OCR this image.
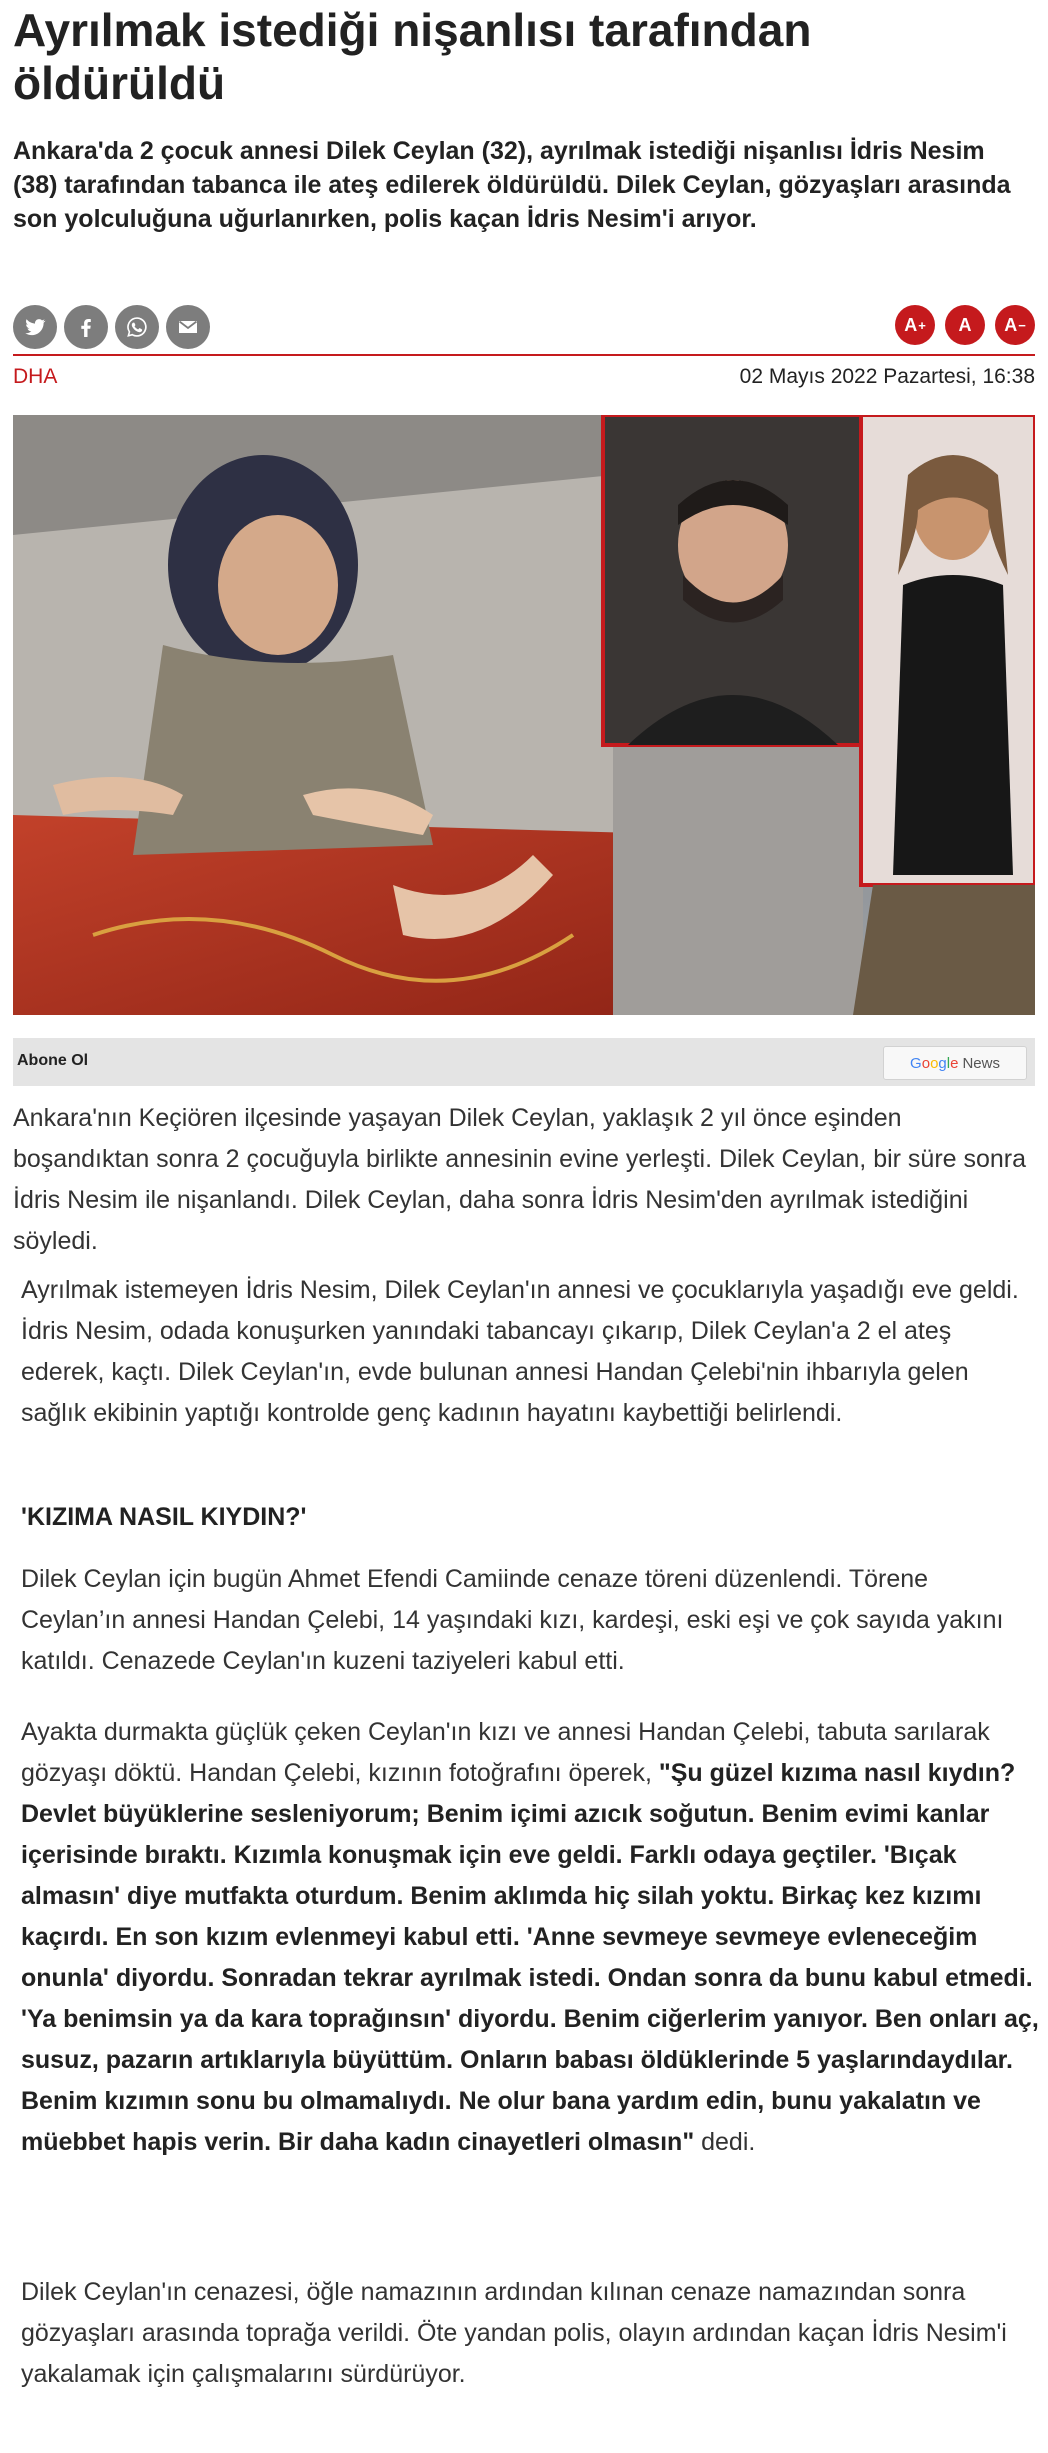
Ayrılmak istediği nişanlısı tarafından öldürüldü

Ankara'da 2 çocuk annesi Dilek Ceylan (32), ayrılmak istediği nişanlısı İdris Nesim (38) tarafından tabanca ile ateş edilerek öldürüldü. Dilek Ceylan, gözyaşları arasında son yolculuğuna uğurlanırken, polis kaçan İdris Nesim'i arıyor.

A + A A −
DHA	02 Mayıs 2022 Pazartesi, 16:38
Abone Ol	Google News

Ankara'nın Keçiören ilçesinde yaşayan Dilek Ceylan, yaklaşık 2 yıl önce eşinden boşandıktan sonra 2 çocuğuyla birlikte annesinin evine yerleşti. Dilek Ceylan, bir süre sonra İdris Nesim ile nişanlandı. Dilek Ceylan, daha sonra İdris Nesim'den ayrılmak istediğini söyledi.

Ayrılmak istemeyen İdris Nesim, Dilek Ceylan'ın annesi ve çocuklarıyla yaşadığı eve geldi. İdris Nesim, odada konuşurken yanındaki tabancayı çıkarıp, Dilek Ceylan'a 2 el ateş ederek, kaçtı. Dilek Ceylan'ın, evde bulunan annesi Handan Çelebi'nin ihbarıyla gelen sağlık ekibinin yaptığı kontrolde genç kadının hayatını kaybettiği belirlendi.

'KIZIMA NASIL KIYDIN?'

Dilek Ceylan için bugün Ahmet Efendi Camiinde cenaze töreni düzenlendi. Törene Ceylan’ın annesi Handan Çelebi, 14 yaşındaki kızı, kardeşi, eski eşi ve çok sayıda yakını katıldı. Cenazede Ceylan'ın kuzeni taziyeleri kabul etti.

Ayakta durmakta güçlük çeken Ceylan'ın kızı ve annesi Handan Çelebi, tabuta sarılarak gözyaşı döktü. Handan Çelebi, kızının fotoğrafını öperek, "Şu güzel kızıma nasıl kıydın? Devlet büyüklerine sesleniyorum; Benim içimi azıcık soğutun. Benim evimi kanlar içerisinde bıraktı. Kızımla konuşmak için eve geldi. Farklı odaya geçtiler. 'Bıçak almasın' diye mutfakta oturdum. Benim aklımda hiç silah yoktu. Birkaç kez kızımı kaçırdı. En son kızım evlenmeyi kabul etti. 'Anne sevmeye sevmeye evleneceğim onunla' diyordu. Sonradan tekrar ayrılmak istedi. Ondan sonra da bunu kabul etmedi. 'Ya benimsin ya da kara toprağınsın' diyordu. Benim ciğerlerim yanıyor. Ben onları aç, susuz, pazarın artıklarıyla büyüttüm. Onların babası öldüklerinde 5 yaşlarındaydılar. Benim kızımın sonu bu olmamalıydı. Ne olur bana yardım edin, bunu yakalatın ve müebbet hapis verin. Bir daha kadın cinayetleri olmasın" dedi.

Dilek Ceylan'ın cenazesi, öğle namazının ardından kılınan cenaze namazından sonra gözyaşları arasında toprağa verildi. Öte yandan polis, olayın ardından kaçan İdris Nesim'i yakalamak için çalışmalarını sürdürüyor.
